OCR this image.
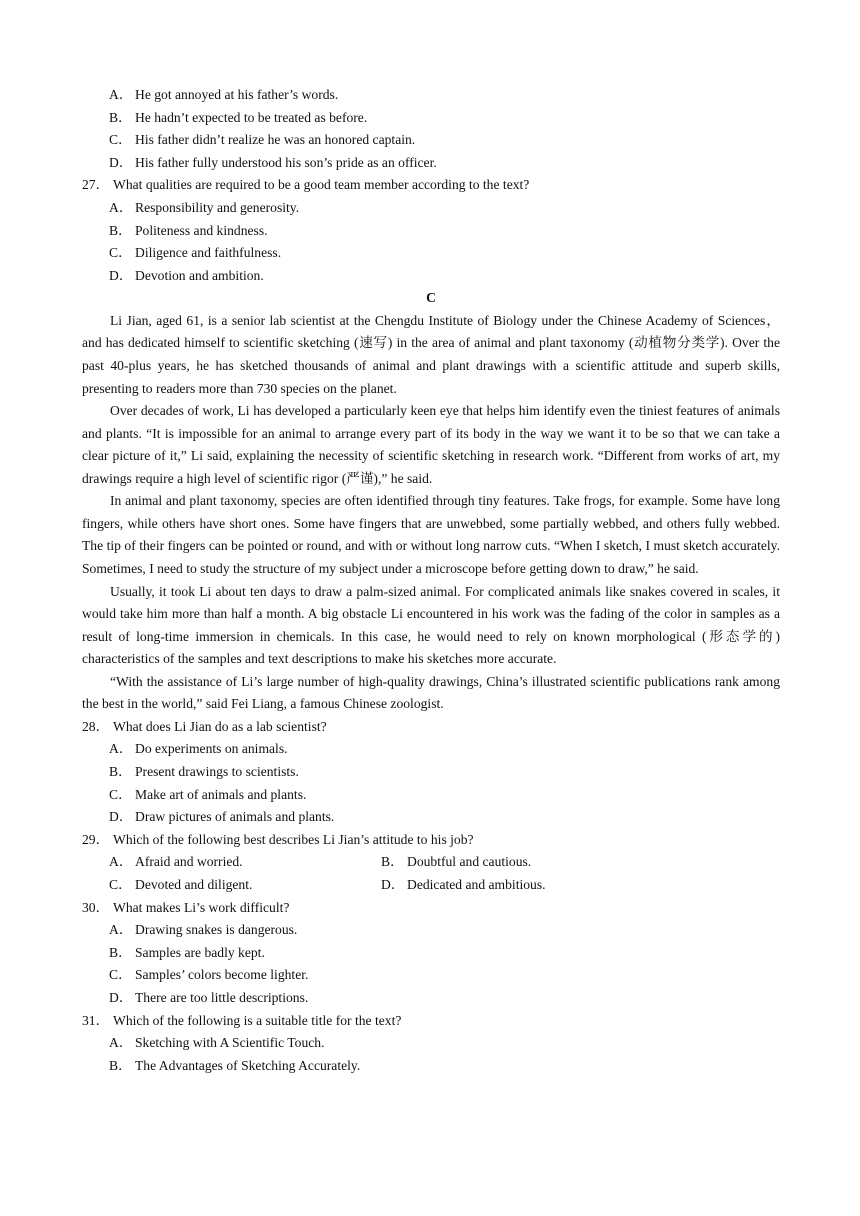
A． He got annoyed at his father’s words.
B． He hadn’t expected to be treated as before.
C． His father didn’t realize he was an honored captain.
D． His father fully understood his son’s pride as an officer.
27． What qualities are required to be a good team member according to the text?
A． Responsibility and generosity.
B． Politeness and kindness.
C． Diligence and faithfulness.
D． Devotion and ambition.
C

Li Jian, aged 61, is a senior lab scientist at the Chengdu Institute of Biology under the Chinese Academy of Sciences， and has dedicated himself to scientific sketching (速写) in the area of animal and plant taxonomy (动植物分类学). Over the past 40-plus years, he has sketched thousands of animal and plant drawings with a scientific attitude and superb skills, presenting to readers more than 730 species on the planet.

Over decades of work, Li has developed a particularly keen eye that helps him identify even the tiniest features of animals and plants. “It is impossible for an animal to arrange every part of its body in the way we want it to be so that we can take a clear picture of it,” Li said, explaining the necessity of scientific sketching in research work. “Different from works of art, my drawings require a high level of scientific rigor (严谨),” he said.

In animal and plant taxonomy, species are often identified through tiny features. Take frogs, for example. Some have long fingers, while others have short ones. Some have fingers that are unwebbed, some partially webbed, and others fully webbed. The tip of their fingers can be pointed or round, and with or without long narrow cuts. “When I sketch, I must sketch accurately. Sometimes, I need to study the structure of my subject under a microscope before getting down to draw,” he said.

Usually, it took Li about ten days to draw a palm-sized animal. For complicated animals like snakes covered in scales, it would take him more than half a month. A big obstacle Li encountered in his work was the fading of the color in samples as a result of long-time immersion in chemicals. In this case, he would need to rely on known morphological (形态学的) characteristics of the samples and text descriptions to make his sketches more accurate.

“With the assistance of Li’s large number of high-quality drawings, China’s illustrated scientific publications rank among the best in the world,” said Fei Liang, a famous Chinese zoologist.

28． What does Li Jian do as a lab scientist?
A． Do experiments on animals.
B． Present drawings to scientists.
C． Make art of animals and plants.
D． Draw pictures of animals and plants.
29． Which of the following best describes Li Jian’s attitude to his job?
A． Afraid and worried.	B． Doubtful and cautious.
C． Devoted and diligent.	D． Dedicated and ambitious.
30． What makes Li’s work difficult?
A． Drawing snakes is dangerous.
B． Samples are badly kept.
C． Samples’ colors become lighter.
D． There are too little descriptions.
31． Which of the following is a suitable title for the text?
A． Sketching with A Scientific Touch.
B． The Advantages of Sketching Accurately.
